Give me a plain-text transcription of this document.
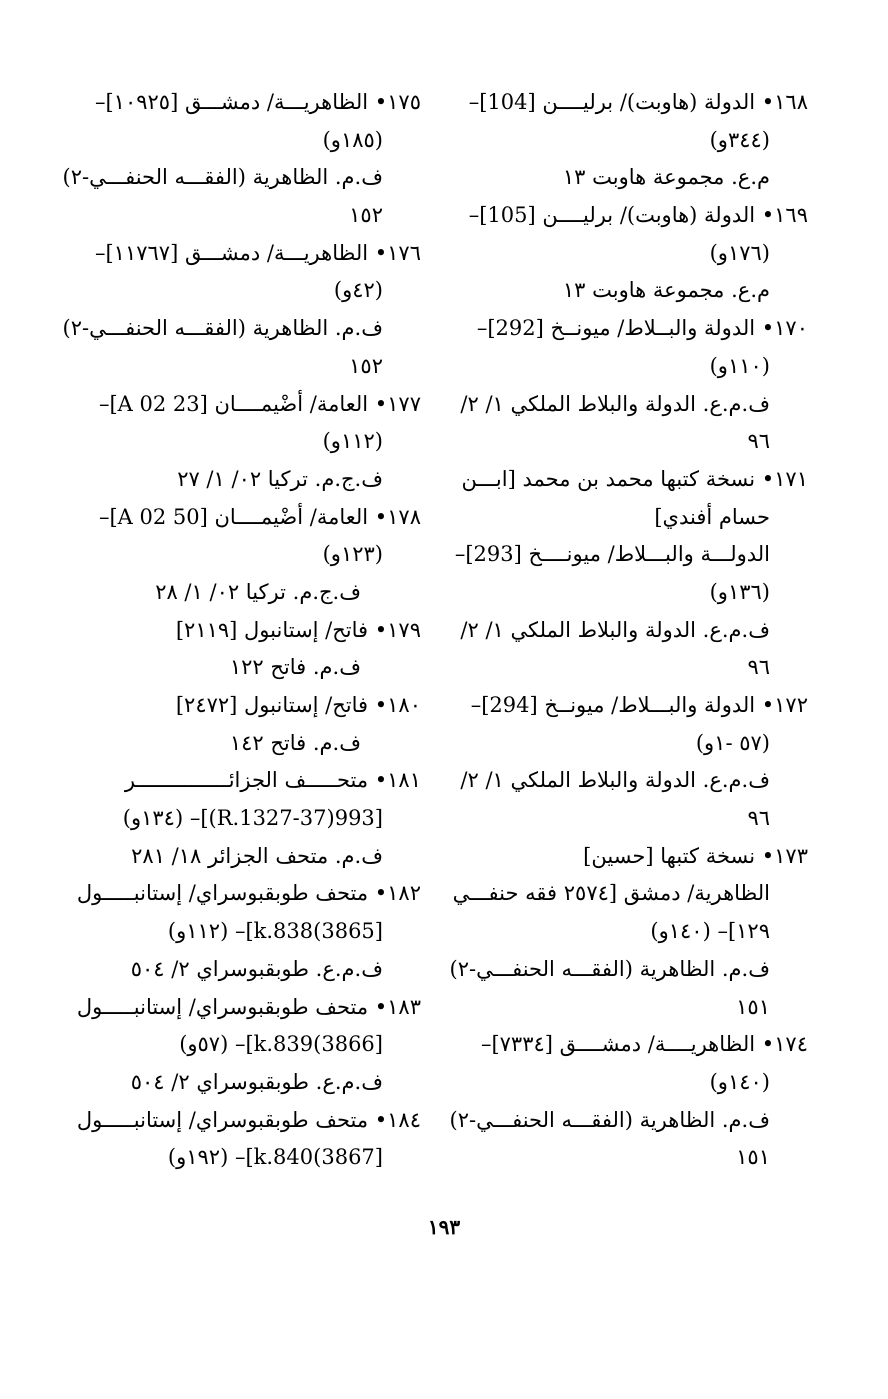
١٦٨• الدولة (هاوبت)/ برليــــن [104]–
(٣٤٤و)
م.ع. مجموعة هاوبت ١٣
١٦٩• الدولة (هاوبت)/ برليــــن [105]–
(١٧٦و)
م.ع. مجموعة هاوبت ١٣
١٧٠• الدولة والبــلاط/ ميونــخ [292]–
(١١٠و)
ف.م.ع. الدولة والبلاط الملكي ١/ ٢/
٩٦
١٧١• نسخة كتبها محمد بن محمد [ابـــن
حسام أفندي]
الدولـــة والبـــلاط/ ميونــــخ [293]–
(١٣٦و)
ف.م.ع. الدولة والبلاط الملكي ١/ ٢/
٩٦
١٧٢• الدولة والبـــلاط/ ميونــخ [294]–
(٥٧ -١و)
ف.م.ع. الدولة والبلاط الملكي ١/ ٢/
٩٦
١٧٣• نسخة كتبها [حسين]
الظاهرية/ دمشق [٢٥٧٤ فقه حنفـــي
١٢٩]– (١٤٠و)
ف.م. الظاهرية (الفقـــه الحنفـــي-٢)
١٥١
١٧٤• الظاهريــــة/ دمشــــق [٧٣٣٤]–
(١٤٠و)
ف.م. الظاهرية (الفقـــه الحنفـــي-٢)
١٥١
١٧٥• الظاهريـــة/ دمشـــق [١٠٩٢٥]–
(١٨٥و)
ف.م. الظاهرية (الفقـــه الحنفـــي-٢)
١٥٢
١٧٦• الظاهريـــة/ دمشـــق [١١٧٦٧]–
(٤٢و)
ف.م. الظاهرية (الفقـــه الحنفـــي-٢)
١٥٢
١٧٧• العامة/ أضْيمــــان [23 A 02]–
(١١٢و)
ف.ج.م. تركيا ٠٢/ ١/ ٢٧
١٧٨• العامة/ أضْيمــــان [50 A 02]–
(١٢٣و)
ف.ج.م. تركيا ٠٢/ ١/ ٢٨
١٧٩• فاتح/ إستانبول [٢١١٩]
ف.م. فاتح ١٢٢
١٨٠• فاتح/ إستانبول [٢٤٧٢]
ف.م. فاتح ١٤٢
١٨١• متحـــــف الجزائـــــــــــــــر
[993(37-R.1327)]– (١٣٤و)
ف.م. متحف الجزائر ١٨/ ٢٨١
١٨٢• متحف طوبقبوسراي/ إستانبـــــول
[3865)k.838]– (١١٢و)
ف.م.ع. طوبقبوسراي ٢/ ٥٠٤
١٨٣• متحف طوبقبوسراي/ إستانبـــــول
[3866)k.839]– (٥٧و)
ف.م.ع. طوبقبوسراي ٢/ ٥٠٤
١٨٤• متحف طوبقبوسراي/ إستانبـــــول
[3867)k.840]– (١٩٢و)
١٩٣
